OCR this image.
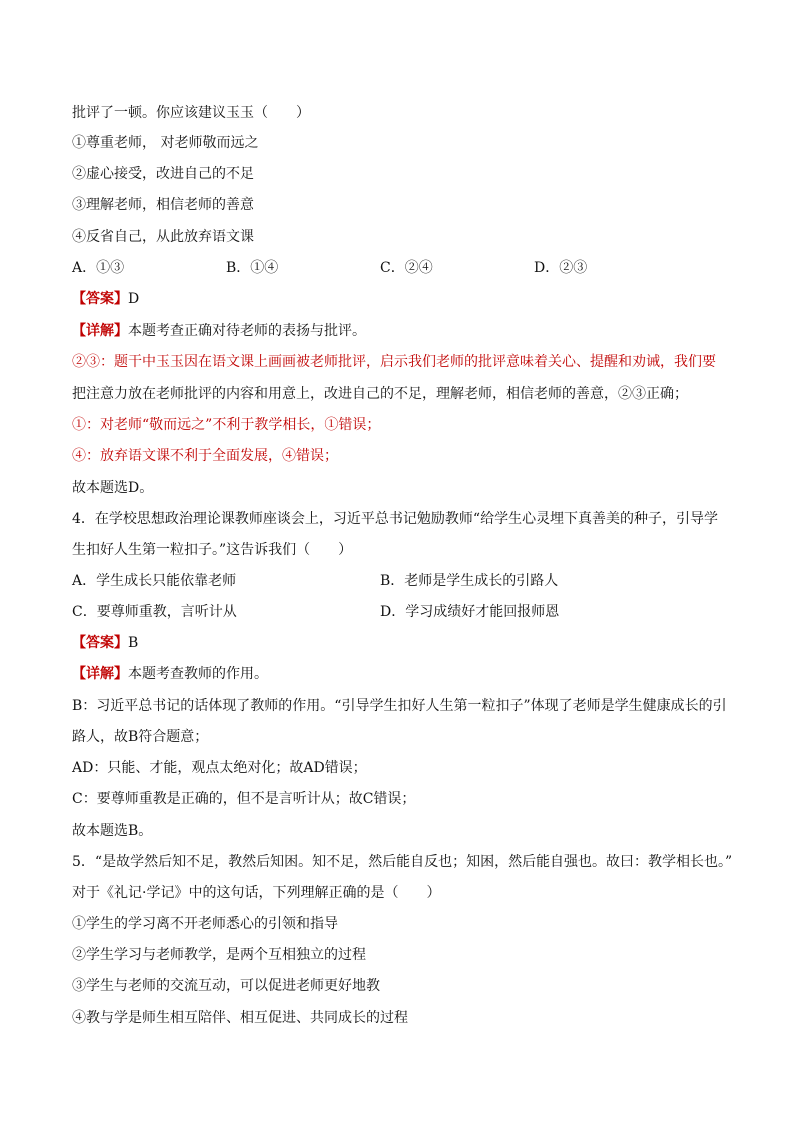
批评了一顿。你应该建议玉玉（　　）
①尊重老师， 对老师敬而远之
②虚心接受，改进自己的不足
③理解老师，相信老师的善意
④反省自己，从此放弃语文课
A．①③	B．①④	C．②④	D．②③
【答案】D
【详解】本题考查正确对待老师的表扬与批评。
②③：题干中玉玉因在语文课上画画被老师批评，启示我们老师的批评意味着关心、提醒和劝诫，我们要
把注意力放在老师批评的内容和用意上，改进自己的不足，理解老师，相信老师的善意，②③正确；
①：对老师“敬而远之”不利于教学相长，①错误；
④：放弃语文课不利于全面发展，④错误；
故本题选D。
4．在学校思想政治理论课教师座谈会上，习近平总书记勉励教师“给学生心灵埋下真善美的种子，引导学
生扣好人生第一粒扣子。”这告诉我们（　　）
A．学生成长只能依靠老师	B．老师是学生成长的引路人
C．要尊师重教，言听计从	D．学习成绩好才能回报师恩
【答案】B
【详解】本题考查教师的作用。
B：习近平总书记的话体现了教师的作用。“引导学生扣好人生第一粒扣子”体现了老师是学生健康成长的引
路人，故B符合题意；
AD：只能、才能，观点太绝对化；故AD错误；
C：要尊师重教是正确的，但不是言听计从；故C错误；
故本题选B。
5．“是故学然后知不足，教然后知困。知不足，然后能自反也；知困，然后能自强也。故曰：教学相长也。”
对于《礼记·学记》中的这句话，下列理解正确的是（　　）
①学生的学习离不开老师悉心的引领和指导
②学生学习与老师教学，是两个互相独立的过程
③学生与老师的交流互动，可以促进老师更好地教
④教与学是师生相互陪伴、相互促进、共同成长的过程
